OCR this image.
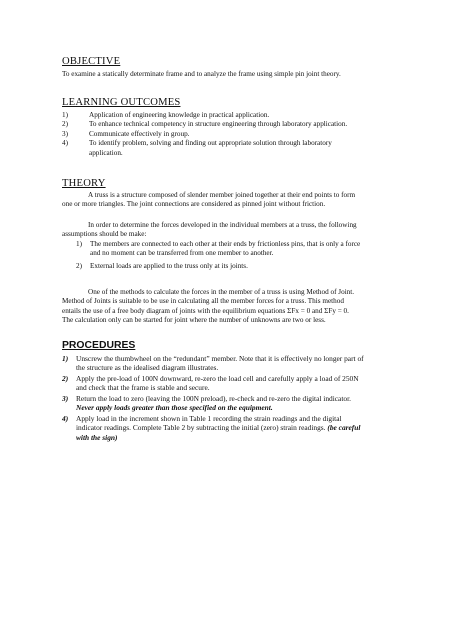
OBJECTIVE
To examine a statically determinate frame and to analyze the frame using simple pin joint theory.
LEARNING OUTCOMES
1)	Application of engineering knowledge in practical application.
2)	To enhance technical competency in structure engineering through laboratory application.
3)	Communicate effectively in group.
4)	To identify problem, solving and finding out appropriate solution through laboratory
application.
THEORY
A truss is a structure composed of slender member joined together at their end points to form
one or more triangles. The joint connections are considered as pinned joint without friction.
In order to determine the forces developed in the individual members at a truss, the following
assumptions should be make:
1) The members are connected to each other at their ends by frictionless pins, that is only a force
and no moment can be transferred from one member to another.
2) External loads are applied to the truss only at its joints.
One of the methods to calculate the forces in the member of a truss is using Method of Joint.
Method of Joints is suitable to be use in calculating all the member forces for a truss. This method
entails the use of a free body diagram of joints with the equilibrium equations ΣFx = 0 and ΣFy = 0.
The calculation only can be started for joint where the number of unknowns are two or less.
PROCEDURES
1) Unscrew the thumbwheel on the “redundant” member. Note that it is effectively no longer part of
the structure as the idealised diagram illustrates.
2) Apply the pre-load of 100N downward, re-zero the load cell and carefully apply a load of 250N
and check that the frame is stable and secure.
3) Return the load to zero (leaving the 100N preload), re-check and re-zero the digital indicator.
Never apply loads greater than those specified on the equipment.
4) Apply load in the increment shown in Table 1 recording the strain readings and the digital
indicator readings. Complete Table 2 by subtracting the initial (zero) strain readings. (be careful
with the sign)
